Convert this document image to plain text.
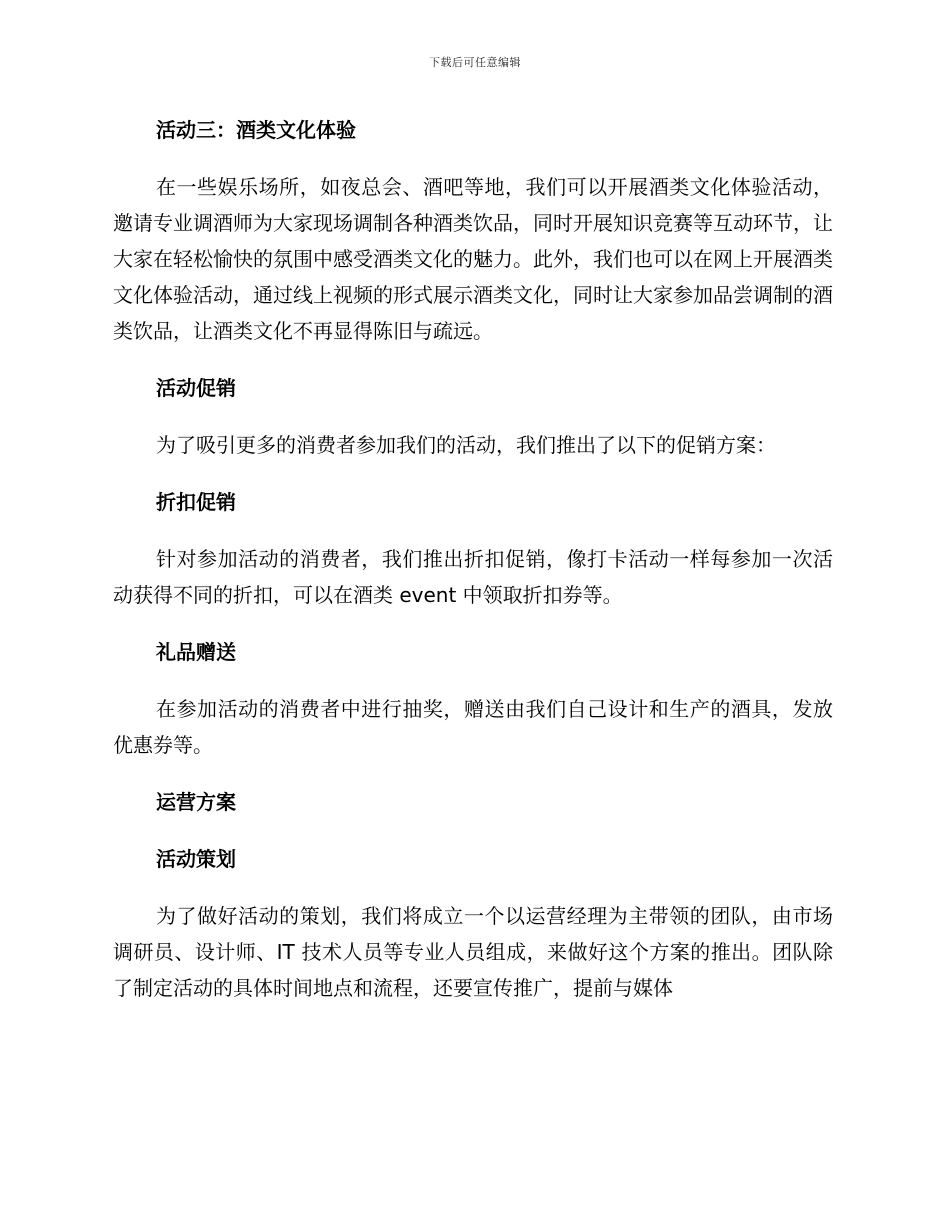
下载后可任意编辑
活动三：酒类文化体验
在一些娱乐场所，如夜总会、酒吧等地，我们可以开展酒类文化体验活动，邀请专业调酒师为大家现场调制各种酒类饮品，同时开展知识竞赛等互动环节，让大家在轻松愉快的氛围中感受酒类文化的魅力。此外，我们也可以在网上开展酒类文化体验活动，通过线上视频的形式展示酒类文化，同时让大家参加品尝调制的酒类饮品，让酒类文化不再显得陈旧与疏远。
活动促销
为了吸引更多的消费者参加我们的活动，我们推出了以下的促销方案：
折扣促销
针对参加活动的消费者，我们推出折扣促销，像打卡活动一样每参加一次活动获得不同的折扣，可以在酒类 event 中领取折扣券等。
礼品赠送
在参加活动的消费者中进行抽奖，赠送由我们自己设计和生产的酒具，发放优惠券等。
运营方案
活动策划
为了做好活动的策划，我们将成立一个以运营经理为主带领的团队，由市场调研员、设计师、IT 技术人员等专业人员组成，来做好这个方案的推出。团队除了制定活动的具体时间地点和流程，还要宣传推广，提前与媒体
